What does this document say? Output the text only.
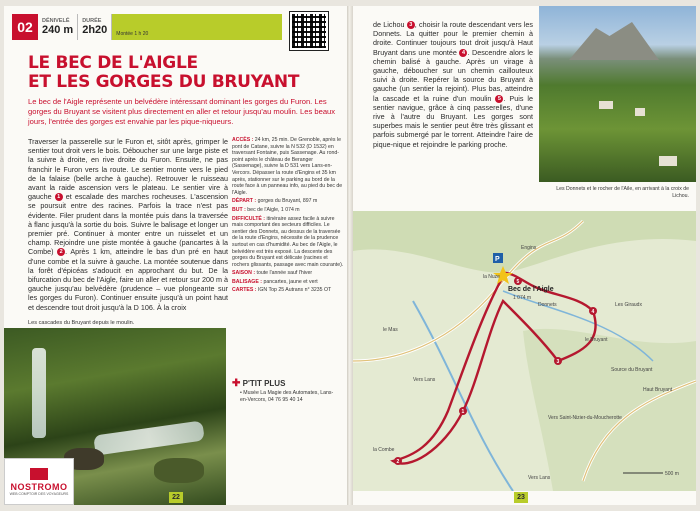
02	DÉNIVELÉ
240 m
DURÉE
2h20	Montée 1 h 20
LE BEC DE L'AIGLE
ET LES GORGES DU BRUYANT

Le bec de l'Aigle représente un belvédère intéressant dominant les gorges du Furon. Les gorges du Bruyant se visitent plus directement en aller et retour jusqu'au moulin. Les beaux jours, l'entrée des gorges est envahie par les pique-niqueurs.

Traverser la passerelle sur le Furon et, sitôt après, grimper le sentier tout droit vers le bois. Déboucher sur une large piste et la suivre à droite, en rive droite du Furon. Ensuite, ne pas franchir le Furon vers la route. Le sentier monte vers le pied de la falaise (belle arche à gauche). Retrouver le ruisseau avant la raide ascension vers le plateau. Le sentier vire à gauche 1 et escalade des marches rocheuses. L'ascension se poursuit entre des racines. Parfois la trace n'est pas évidente. Filer prudent dans la montée puis dans la traversée à flanc jusqu'à la sortie du bois. Suivre le balisage et longer un premier pré. Continuer à monter entre un ruisselet et un champ. Rejoindre une piste montée à gauche (pancartes à la Combe) 2 . Après 1 km, atteindre le bas d'un pré en haut d'une combe et la suivre à gauche. La montée soutenue dans la forêt d'épicéas s'adoucit en approchant du but. De la bifurcation du bec de l'Aigle, faire un aller et retour sur 200 m à gauche jusqu'au belvédère (prudence – vue plongeante sur les gorges du Furon). Continuer ensuite jusqu'à un point haut et descendre tout droit jusqu'à la D 106. À la croix

ACCÈS : 24 km, 25 min. De Grenoble, après le pont de Catane, suivre la N 532 (D 1532) en traversant Fontaine, puis Sassenage. Au rond-point après le château de Beranger (Sassenage), suivre la D 531 vers Lans-en-Vercors. Dépasser la route d'Engins et 35 km après, stationner sur le parking au bord de la route face à un panneau info, au pied du bec de l'Aigle.
DÉPART : gorges du Bruyant, 897 m
BUT : bec de l'Aigle, 1 074 m
DIFFICULTÉ : itinéraire assez facile à suivre mais comportant des secteurs difficiles. Le sentier des Donnets, au dessus de la traversée de la route d'Engins, nécessite de la prudence surtout en cas d'humidité. Au bec de l'Aigle, le belvédère est très exposé. La descente des gorges du Bruyant est délicate (racines et rochers glissants, passage avec main courante).
SAISON : toute l'année sauf l'hiver
BALISAGE : pancartes, jaune et vert
CARTES : IGN Top 25 Autrans n° 3235 OT
✚ P'TIT PLUS
• Musée La Magie des Automates, Lans-en-Vercors, 04 76 95 40 14
Les cascades du Bruyant depuis le moulin.
NOSTROMO
WEB COMPTOIR DES VOYAGEURS
22

de Lichou 3 , choisir la route descendant vers les Donnets. La quitter pour le premier chemin à droite. Continuer toujours tout droit jusqu'à Haut Bruyant dans une montée 4 . Descendre alors le chemin balisé à gauche. Après un virage à gauche, déboucher sur un chemin caillouteux suivi à droite. Repérer la source du Bruyant à gauche (un sentier la rejoint). Plus bas, atteindre la cascade et la ruine d'un moulin 5 . Puis le sentier navigue, grâce à cinq passerelles, d'une rive à l'autre du Bruyant. Les gorges sont superbes mais le sentier peut être très glissant et parfois submergé par le torrent. Atteindre l'aire de pique-nique et rejoindre le parking proche.

Les Donnets et le rocher de l'Aile, en arrivant à la croix de Lichou.
P
1
2
3
4
5
Engins
la Nuze
Bec de l'Aigle
1 074 m
le Bruyant
Donnets	Les Giraudx
Source du Bruyant
Haut Bruyant
Vers Lans
Vers Lans
Vers Saint-Nizier-du-Moucherotte
la Combe
le Mas
500 m
23
